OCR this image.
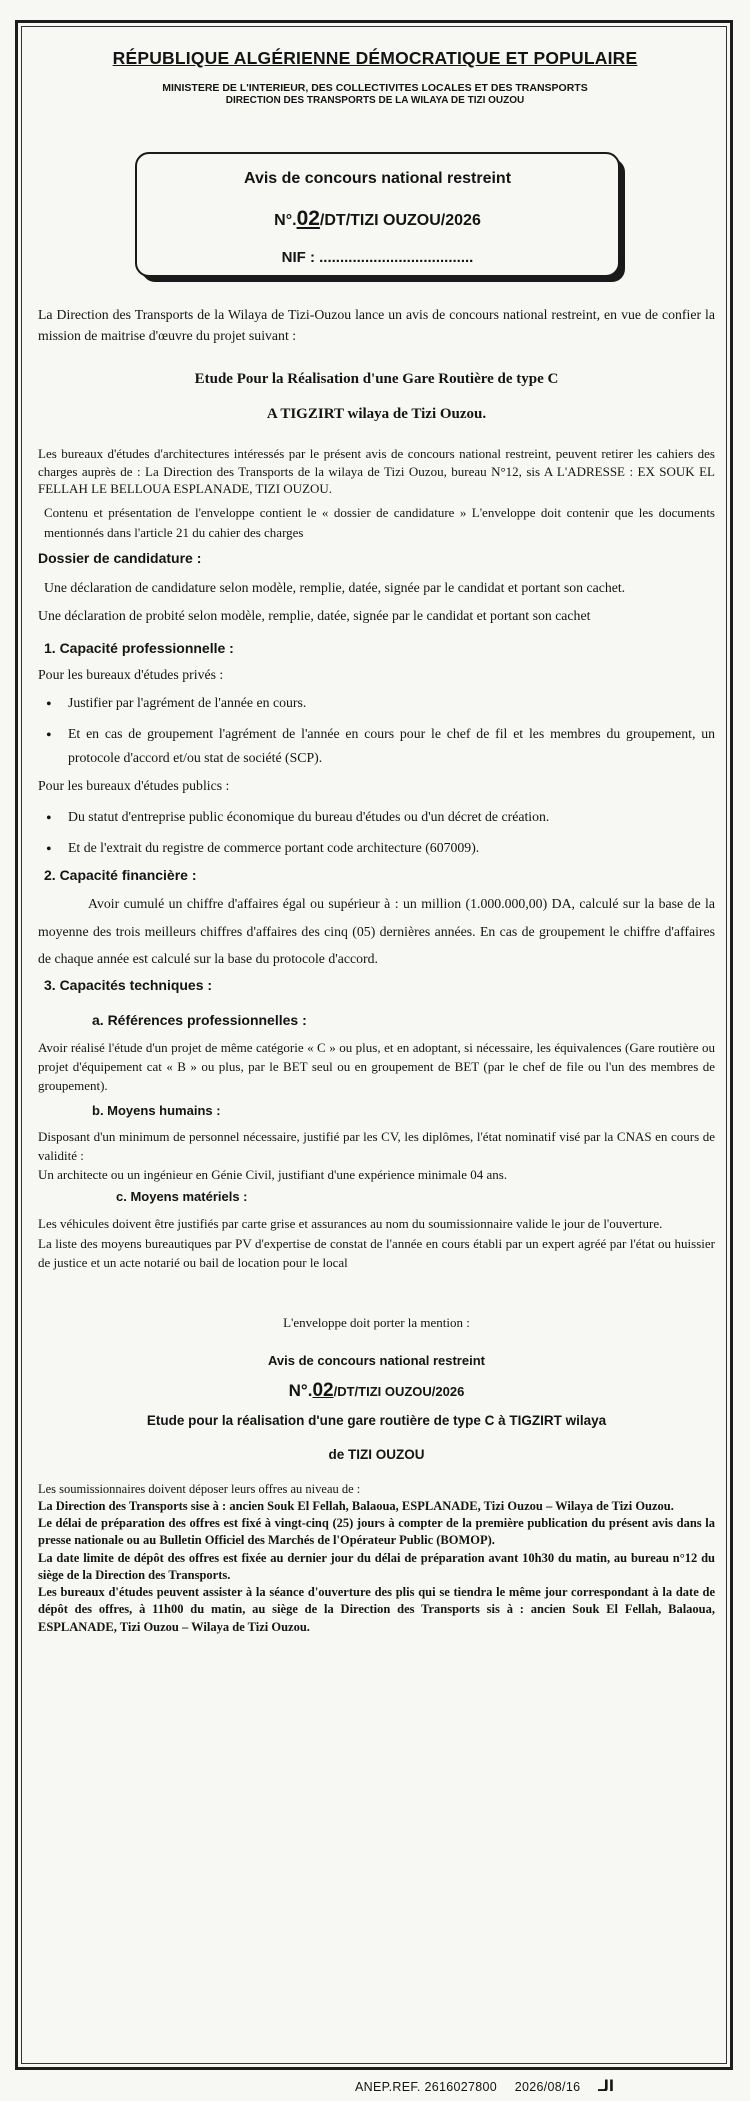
RÉPUBLIQUE ALGÉRIENNE DÉMOCRATIQUE ET POPULAIRE
MINISTERE DE L'INTERIEUR, DES COLLECTIVITES LOCALES ET DES TRANSPORTS
DIRECTION DES TRANSPORTS DE LA WILAYA DE TIZI OUZOU
Avis de concours national restreint
N°.02/DT/TIZI OUZOU/2026
NIF : .....................................

La Direction des Transports de la Wilaya de Tizi-Ouzou lance un avis de concours national restreint, en vue de confier la mission de maitrise d'œuvre du projet suivant :

Etude Pour la Réalisation d'une Gare Routière de type C

A TIGZIRT wilaya de Tizi Ouzou.

Les bureaux d'études d'architectures intéressés par le présent avis de concours national restreint, peuvent retirer les cahiers des charges auprès de : La Direction des Transports de la wilaya de Tizi Ouzou, bureau N°12, sis A L'ADRESSE : EX SOUK EL FELLAH LE BELLOUA ESPLANADE, TIZI OUZOU.

Contenu et présentation de l'enveloppe contient le « dossier de candidature » L'enveloppe doit contenir que les documents mentionnés dans l'article 21 du cahier des charges

Dossier de candidature :

Une déclaration de candidature selon modèle, remplie, datée, signée par le candidat et portant son cachet.

Une déclaration de probité selon modèle, remplie, datée, signée par le candidat et portant son cachet

1. Capacité professionnelle :

Pour les bureaux d'études privés :

• Justifier par l'agrément de l'année en cours.

• Et en cas de groupement l'agrément de l'année en cours pour le chef de fil et les membres du groupement, un protocole d'accord et/ou stat de société (SCP).

Pour les bureaux d'études publics :

• Du statut d'entreprise public économique du bureau d'études ou d'un décret de création.

• Et de l'extrait du registre de commerce portant code architecture (607009).

2. Capacité financière :

Avoir cumulé un chiffre d'affaires égal ou supérieur à : un million (1.000.000,00) DA, calculé sur la base de la moyenne des trois meilleurs chiffres d'affaires des cinq (05) dernières années. En cas de groupement le chiffre d'affaires de chaque année est calculé sur la base du protocole d'accord.

3. Capacités techniques :

a. Références professionnelles :

Avoir réalisé l'étude d'un projet de même catégorie « C » ou plus, et en adoptant, si nécessaire, les équivalences (Gare routière ou projet d'équipement cat « B » ou plus, par le BET seul ou en groupement de BET (par le chef de file ou l'un des membres de groupement).

b. Moyens humains :

Disposant d'un minimum de personnel nécessaire, justifié par les CV, les diplômes, l'état nominatif visé par la CNAS en cours de validité :

Un architecte ou un ingénieur en Génie Civil, justifiant d'une expérience minimale 04 ans.

c. Moyens matériels :

Les véhicules doivent être justifiés par carte grise et assurances au nom du soumissionnaire valide le jour de l'ouverture.

La liste des moyens bureautiques par PV d'expertise de constat de l'année en cours établi par un expert agréé par l'état ou huissier de justice et un acte notarié ou bail de location pour le local

L'enveloppe doit porter la mention :

Avis de concours national restreint

N°.02/DT/TIZI OUZOU/2026

Etude pour la réalisation d'une gare routière de type C à TIGZIRT wilaya

de TIZI OUZOU

Les soumissionnaires doivent déposer leurs offres au niveau de :

La Direction des Transports sise à : ancien Souk El Fellah, Balaoua, ESPLANADE, Tizi Ouzou – Wilaya de Tizi Ouzou.

Le délai de préparation des offres est fixé à vingt-cinq (25) jours à compter de la première publication du présent avis dans la presse nationale ou au Bulletin Officiel des Marchés de l'Opérateur Public (BOMOP).

La date limite de dépôt des offres est fixée au dernier jour du délai de préparation avant 10h30 du matin, au bureau n°12 du siège de la Direction des Transports.

Les bureaux d'études peuvent assister à la séance d'ouverture des plis qui se tiendra le même jour correspondant à la date de dépôt des offres, à 11h00 du matin, au siège de la Direction des Transports sis à : ancien Souk El Fellah, Balaoua, ESPLANADE, Tizi Ouzou – Wilaya de Tizi Ouzou.

ANEP.REF. 2616027800 2026/08/16 الـ
